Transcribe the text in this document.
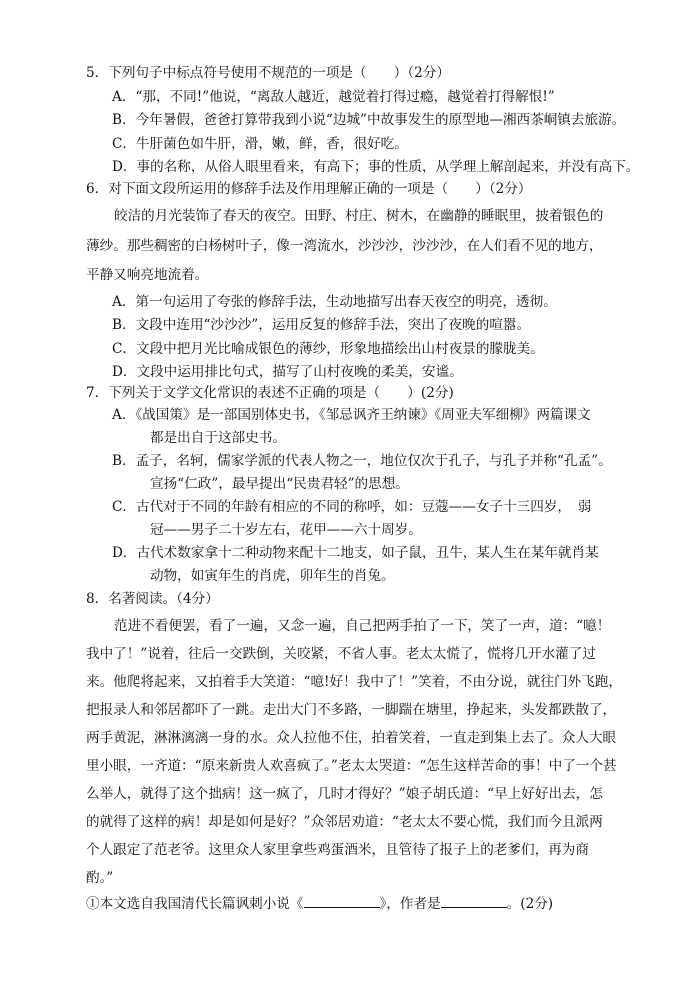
5．下列句子中标点符号使用不规范的一项是（　　）（2分）
A．“那，不同!”他说，“离敌人越近，越觉着打得过瘾，越觉着打得解恨!”
B．今年暑假，爸爸打算带我到小说“边城”中故事发生的原型地—湘西茶峒镇去旅游。
C．牛肝菌色如牛肝，滑，嫩，鲜，香，很好吃。
D．事的名称，从俗人眼里看来，有高下；事的性质，从学理上解剖起来，并没有高下。
6．对下面文段所运用的修辞手法及作用理解正确的一项是（　　）（2分）
皎洁的月光装饰了春天的夜空。田野、村庄、树木，在幽静的睡眠里，披着银色的
薄纱。那些稠密的白杨树叶子，像一湾流水，沙沙沙，沙沙沙，在人们看不见的地方，
平静又响亮地流着。
A．第一句运用了夸张的修辞手法，生动地描写出春天夜空的明亮，透彻。
B．文段中连用“沙沙沙”，运用反复的修辞手法，突出了夜晚的喧嚣。
C．文段中把月光比喻成银色的薄纱，形象地描绘出山村夜景的朦胧美。
D．文段中运用排比句式，描写了山村夜晚的柔美，安谧。
7．下列关于文学文化常识的表述不正确的项是（　　）(2分)
A．《战国策》是一部国别体史书，《邹忌讽齐王纳谏》《周亚夫军细柳》两篇课文
都是出自于这部史书。
B．孟子，名轲，儒家学派的代表人物之一，地位仅次于孔子，与孔子并称“孔孟”。
宣扬“仁政”，最早提出“民贵君轻”的思想。
C．古代对于不同的年龄有相应的不同的称呼，如：豆蔻——女子十三四岁，　弱
冠——男子二十岁左右，花甲——六十周岁。
D．古代术数家拿十二种动物来配十二地支，如子鼠，丑牛，某人生在某年就肖某
动物，如寅年生的肖虎，卯年生的肖兔。
8．名著阅读。（4分）
范进不看便罢，看了一遍，又念一遍，自己把两手拍了一下，笑了一声，道：“噫！
我中了！”说着，往后一交跌倒，关咬紧，不省人事。老太太慌了，慌将几开水灌了过
来。他爬将起来，又拍着手大笑道：“噫!好！我中了！”笑着，不由分说，就往门外飞跑，
把报录人和邻居都吓了一跳。走出大门不多路，一脚踹在塘里，挣起来，头发都跌散了，
两手黄泥，淋淋漓漓一身的水。众人拉他不住，拍着笑着，一直走到集上去了。众人大眼
里小眼，一齐道：“原来新贵人欢喜疯了。”老太太哭道：“怎生这样苦命的事！中了一个甚
么举人，就得了这个拙病！这一疯了，几时才得好？”娘子胡氏道：“早上好好出去，怎
的就得了这样的病！却是如何是好？”众邻居劝道：“老太太不要心慌，我们而今且派两
个人跟定了范老爷。这里众人家里拿些鸡蛋酒米，且管待了报子上的老爹们，再为商
酌。”
①本文选自我国清代长篇讽刺小说《	》，作者是	。(2分)
